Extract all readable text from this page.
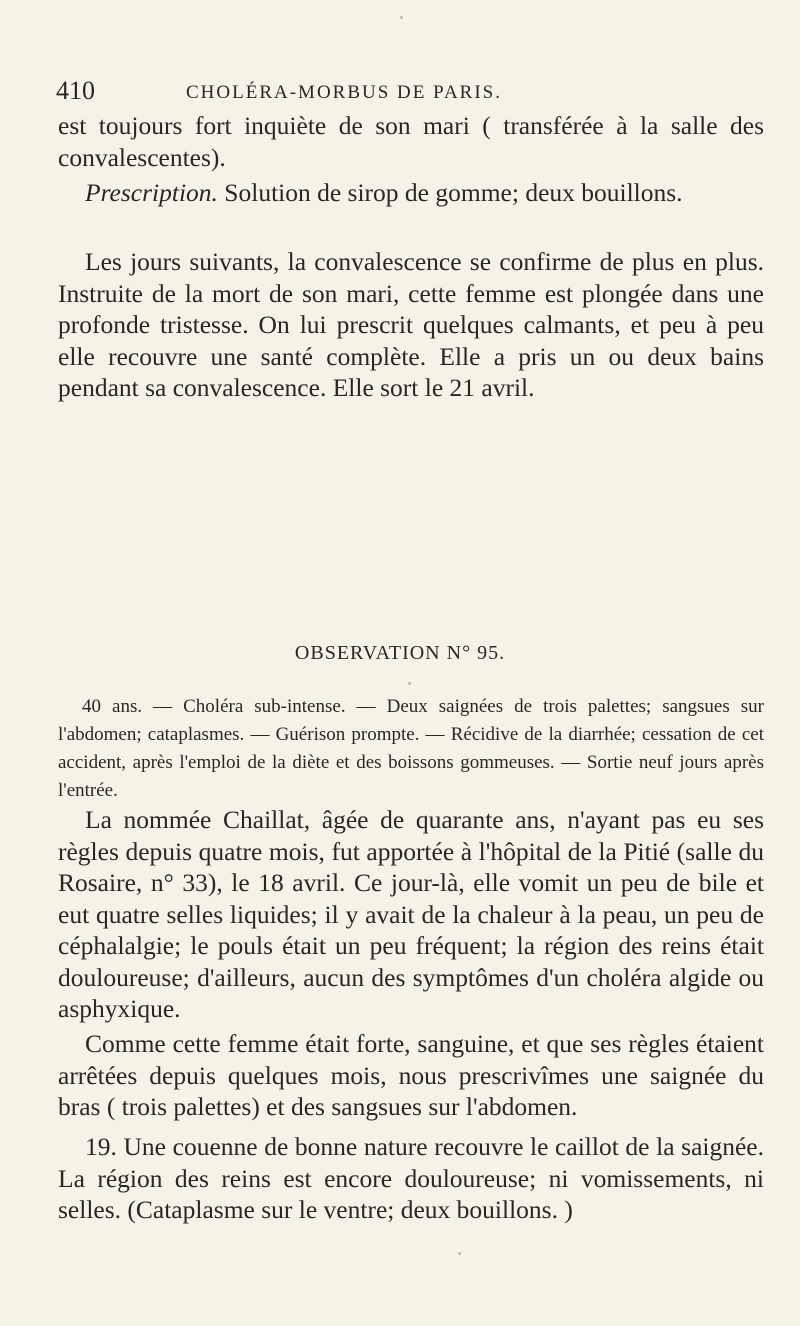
410	CHOLÉRA-MORBUS DE PARIS.

est toujours fort inquiète de son mari ( transférée à la salle des convalescentes).

Prescription. Solution de sirop de gomme; deux bouillons.

Les jours suivants, la convalescence se confirme de plus en plus. Instruite de la mort de son mari, cette femme est plongée dans une profonde tristesse. On lui prescrit quelques calmants, et peu à peu elle recouvre une santé complète. Elle a pris un ou deux bains pendant sa convalescence. Elle sort le 21 avril.

OBSERVATION N° 95.

40 ans. — Choléra sub-intense. — Deux saignées de trois palettes; sangsues sur l'abdomen; cataplasmes. — Guérison prompte. — Récidive de la diarrhée; cessation de cet accident, après l'emploi de la diète et des boissons gommeuses. — Sortie neuf jours après l'entrée.

La nommée Chaillat, âgée de quarante ans, n'ayant pas eu ses règles depuis quatre mois, fut apportée à l'hôpital de la Pitié (salle du Rosaire, n° 33), le 18 avril. Ce jour-là, elle vomit un peu de bile et eut quatre selles liquides; il y avait de la chaleur à la peau, un peu de céphalalgie; le pouls était un peu fréquent; la région des reins était douloureuse; d'ailleurs, aucun des symptômes d'un choléra algide ou asphyxique.

Comme cette femme était forte, sanguine, et que ses règles étaient arrêtées depuis quelques mois, nous prescrivîmes une saignée du bras ( trois palettes) et des sangsues sur l'abdomen.

19. Une couenne de bonne nature recouvre le caillot de la saignée. La région des reins est encore douloureuse; ni vomissements, ni selles. (Cataplasme sur le ventre; deux bouillons. )
